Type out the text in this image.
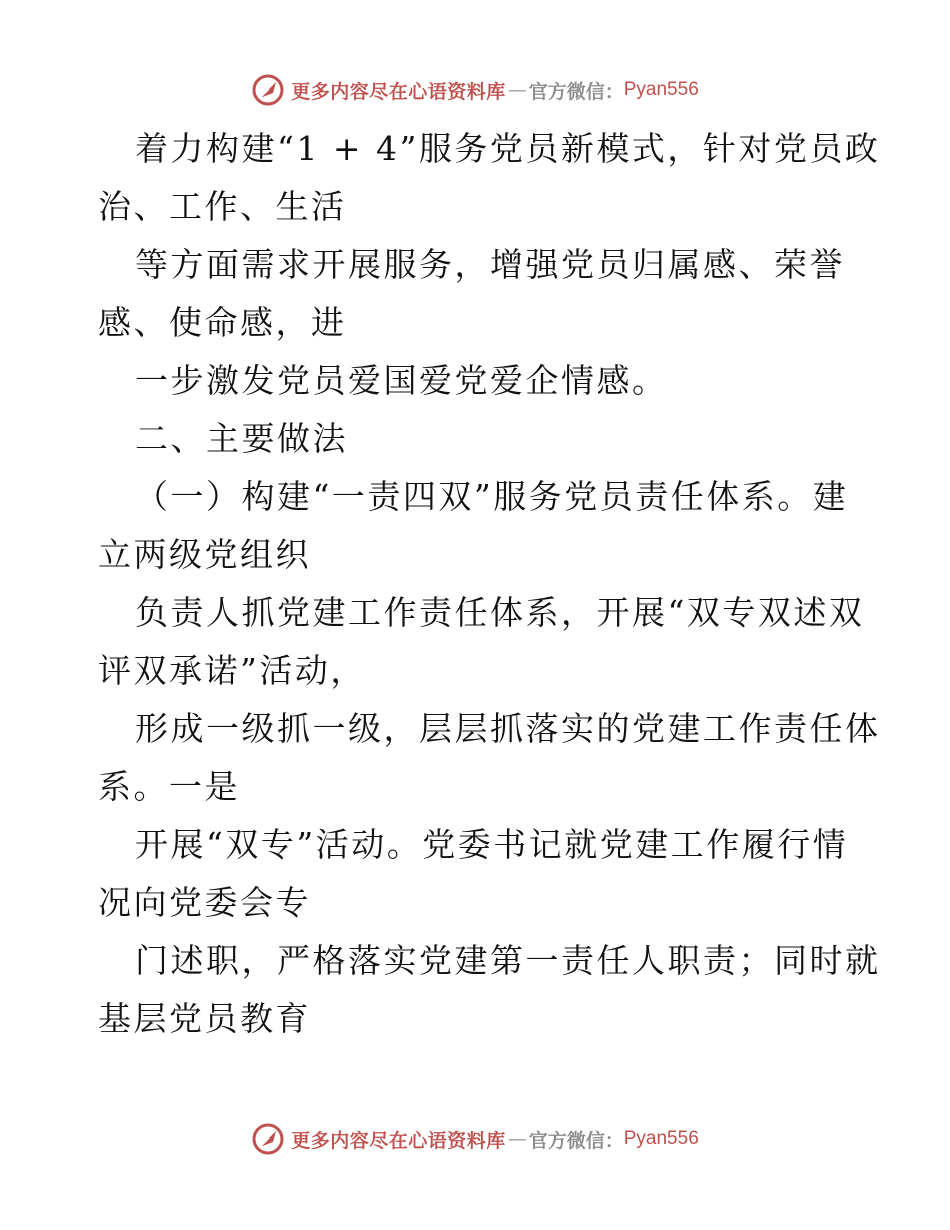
更多内容尽在心语资料库 — 官方微信： Pyan556
着力构建“1 + 4”服务党员新模式，针对党员政
治、工作、生活
等方面需求开展服务，增强党员归属感、荣誉
感、使命感，进
一步激发党员爱国爱党爱企情感。
二、主要做法
（一）构建“一责四双”服务党员责任体系。建
立两级党组织
负责人抓党建工作责任体系，开展“双专双述双
评双承诺”活动，
形成一级抓一级，层层抓落实的党建工作责任体
系。一是
开展“双专”活动。党委书记就党建工作履行情
况向党委会专
门述职，严格落实党建第一责任人职责；同时就
基层党员教育
更多内容尽在心语资料库 — 官方微信： Pyan556
